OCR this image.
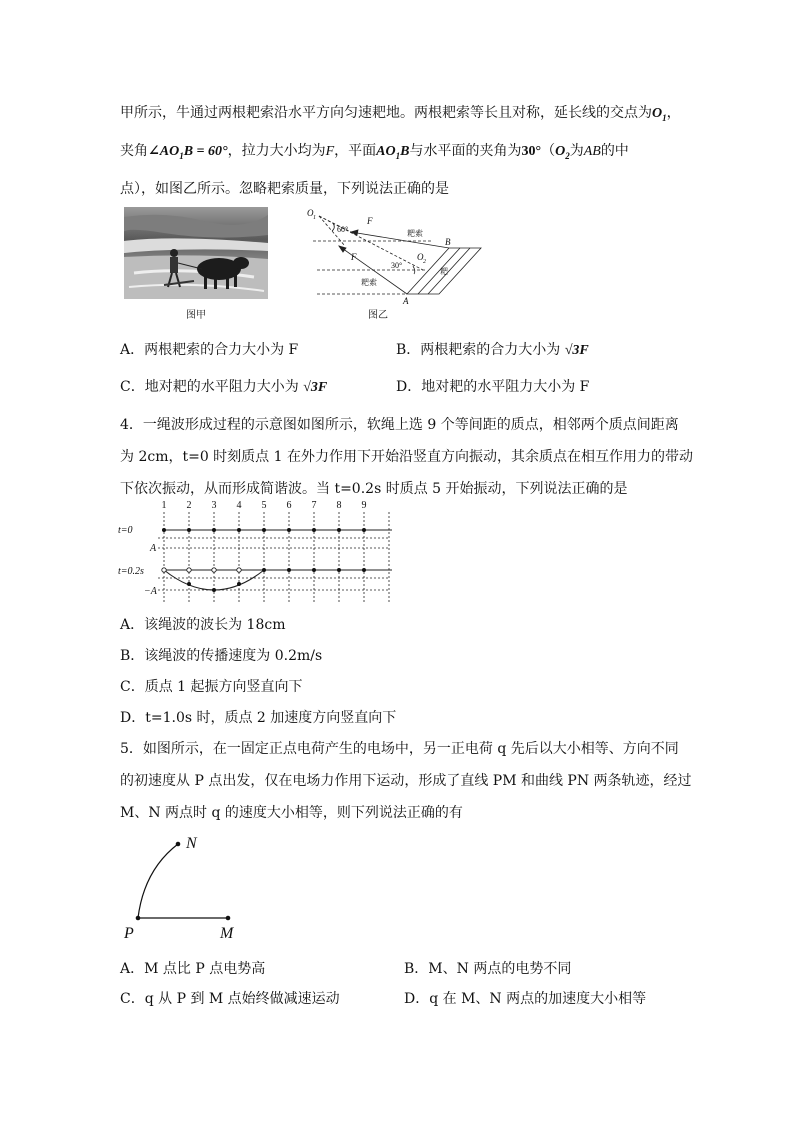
甲所示，牛通过两根耙索沿水平方向匀速耙地。两根耙索等长且对称，延长线的交点为$O_1$，
夹角$\angle AO_1B = 60^\circ$，拉力大小均为F，平面$AO_1B$与水平面的夹角为$30^\circ(O_2$为AB的中
点），如图乙所示。忽略耙索质量，下列说法正确的是
图甲
O 1	F
F
60°
30°
耙索
耙索
B
A
O 2
耙
图乙
A．两根耙索的合力大小为 F	B．两根耙索的合力大小为 √3F
C．地对耙的水平阻力大小为 √3F	D．地对耙的水平阻力大小为 F
4．一绳波形成过程的示意图如图所示，软绳上选 9 个等间距的质点，相邻两个质点间距离
为 2cm，t=0 时刻质点 1 在外力作用下开始沿竖直方向振动，其余质点在相互作用力的带动
下依次振动，从而形成简谐波。当 t=0.2s 时质点 5 开始振动，下列说法正确的是
1 2 3 4 5 6 7 8 9
t=0
A
t=0.2s
−A
A．该绳波的波长为 18cm
B．该绳波的传播速度为 0.2m/s
C．质点 1 起振方向竖直向下
D．t=1.0s 时，质点 2 加速度方向竖直向下
5．如图所示，在一固定正点电荷产生的电场中，另一正电荷 q 先后以大小相等、方向不同
的初速度从 P 点出发，仅在电场力作用下运动，形成了直线 PM 和曲线 PN 两条轨迹，经过
M、N 两点时 q 的速度大小相等，则下列说法正确的有
N
P	M
A．M 点比 P 点电势高	B．M、N 两点的电势不同
C．q 从 P 到 M 点始终做减速运动	D．q 在 M、N 两点的加速度大小相等
